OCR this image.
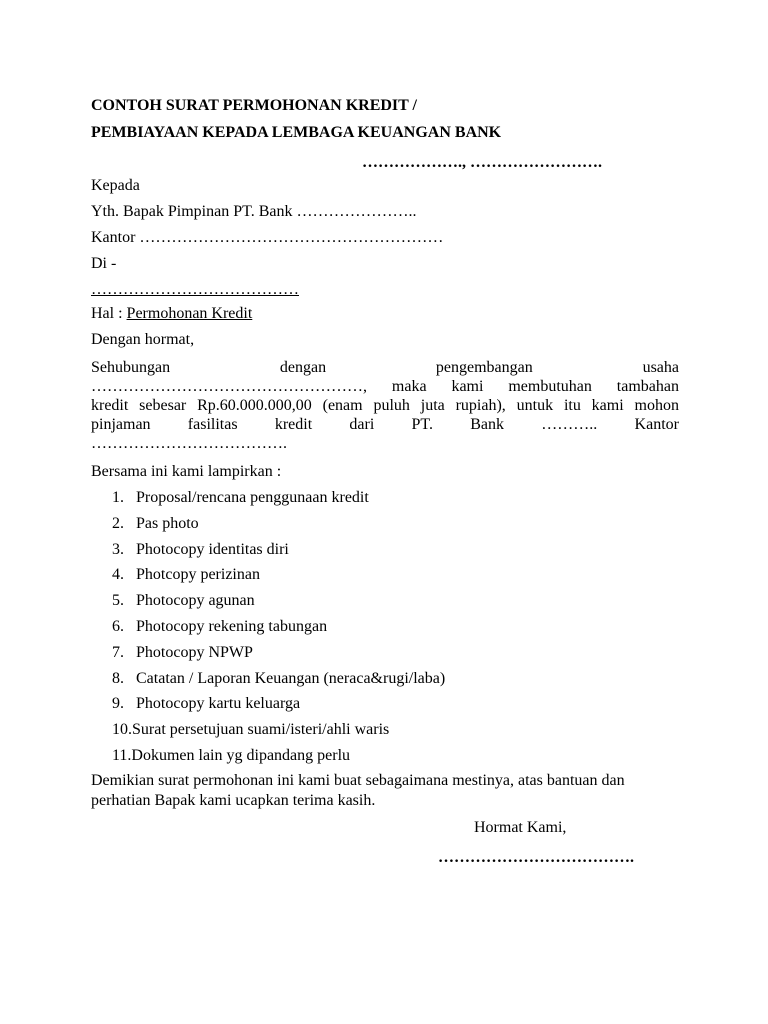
CONTOH SURAT PERMOHONAN KREDIT /
PEMBIAYAAN KEPADA LEMBAGA KEUANGAN BANK
………………., …………………….
Kepada
Yth. Bapak Pimpinan PT. Bank …………………..
Kantor …………………………………………………
Di -
…………………………………
Hal : Permohonan Kredit
Dengan hormat,
Sehubungan	dengan	pengembangan	usaha
……………………………………………, maka kami membutuhan tambahan
kredit sebesar Rp.60.000.000,00 (enam puluh juta rupiah), untuk itu kami mohon
pinjaman fasilitas kredit dari PT. Bank ……….. Kantor
……………………………….
Bersama ini kami lampirkan :
1. Proposal/rencana penggunaan kredit
2. Pas photo
3. Photocopy identitas diri
4. Photcopy perizinan
5. Photocopy agunan
6. Photocopy rekening tabungan
7. Photocopy NPWP
8. Catatan / Laporan Keuangan (neraca&rugi/laba)
9. Photocopy kartu keluarga
10.Surat persetujuan suami/isteri/ahli waris
11.Dokumen lain yg dipandang perlu
Demikian surat permohonan ini kami buat sebagaimana mestinya, atas bantuan dan
perhatian Bapak kami ucapkan terima kasih.
Hormat Kami,
……………………………….
